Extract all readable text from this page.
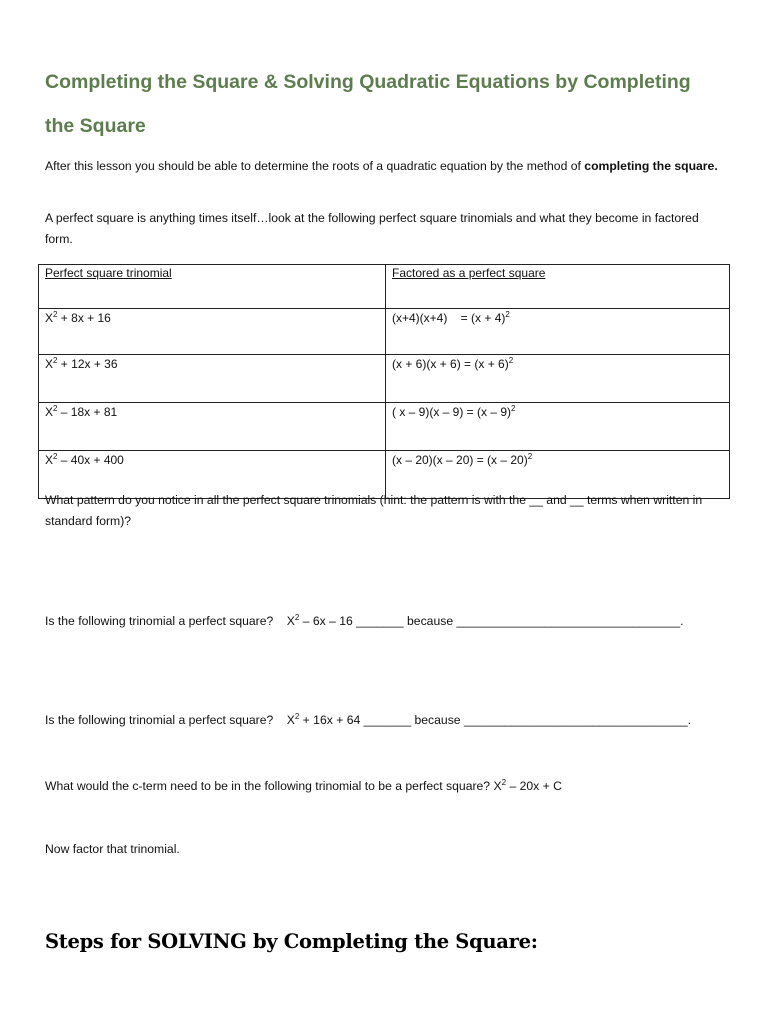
Completing the Square & Solving Quadratic Equations by Completing the Square

After this lesson you should be able to determine the roots of a quadratic equation by the method of completing the square.

A perfect square is anything times itself…look at the following perfect square trinomials and what they become in factored form.

Perfect square trinomial	Factored as a perfect square
$X^2 + 8x + 16$	(x+4)(x+4)    = $(x + 4)^2$
$X^2 + 12x + 36$	$(x + 6)(x + 6) = (x + 6)^2$
$X^2 - 18x + 81$	( x – 9)(x – 9) = (x – 9)$^2$
$X^2 - 40x + 400$	(x – 20)(x – 20) = (x – 20)$^2$

What pattern do you notice in all the perfect square trinomials (hint: the pattern is with the __ and __ terms when written in standard form)?

Is the following trinomial a perfect square? $X^2 - 6x - 16$ _______ because _________________________________.

Is the following trinomial a perfect square? $X^2 + 16x + 64$ _______ because _________________________________.

What would the c-term need to be in the following trinomial to be a perfect square? $X^2 - 20x + C$

Now factor that trinomial.

Steps for SOLVING by Completing the Square:
